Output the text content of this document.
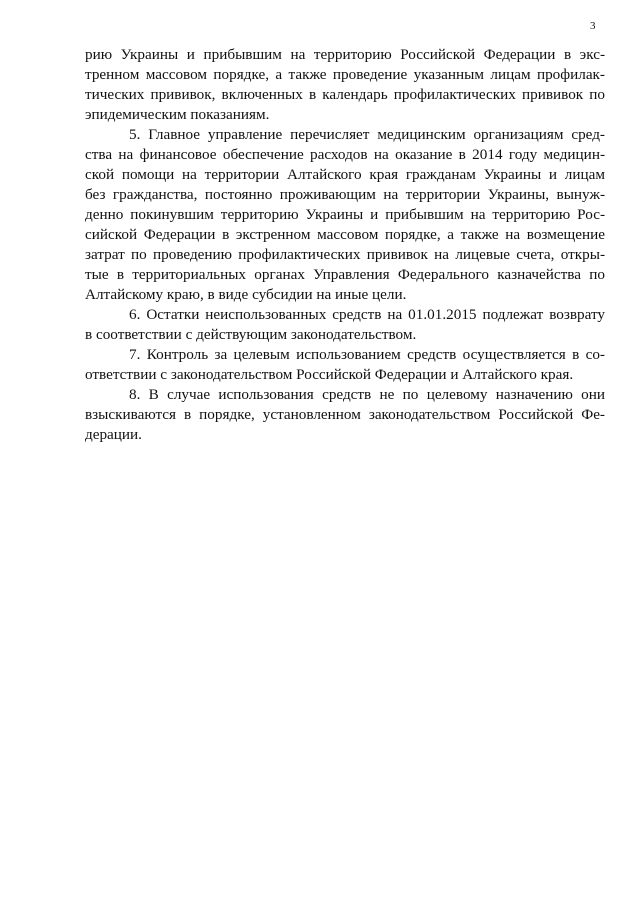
3
рию Украины и прибывшим на территорию Российской Федерации в экс-
тренном массовом порядке, а также проведение указанным лицам профилак-
тических прививок, включенных в календарь профилактических прививок по
эпидемическим показаниям.
5. Главное управление перечисляет медицинским организациям сред-
ства на финансовое обеспечение расходов на оказание в 2014 году медицин-
ской помощи на территории Алтайского края гражданам Украины и лицам
без гражданства, постоянно проживающим на территории Украины, вынуж-
денно покинувшим территорию Украины и прибывшим на территорию Рос-
сийской Федерации в экстренном массовом порядке, а также на возмещение
затрат по проведению профилактических прививок на лицевые счета, откры-
тые в территориальных органах Управления Федерального казначейства по
Алтайскому краю, в виде субсидии на иные цели.
6. Остатки неиспользованных средств на 01.01.2015 подлежат возврату
в соответствии с действующим законодательством.
7. Контроль за целевым использованием средств осуществляется в со-
ответствии с законодательством Российской Федерации и Алтайского края.
8. В случае использования средств не по целевому назначению они
взыскиваются в порядке, установленном законодательством Российской Фе-
дерации.
